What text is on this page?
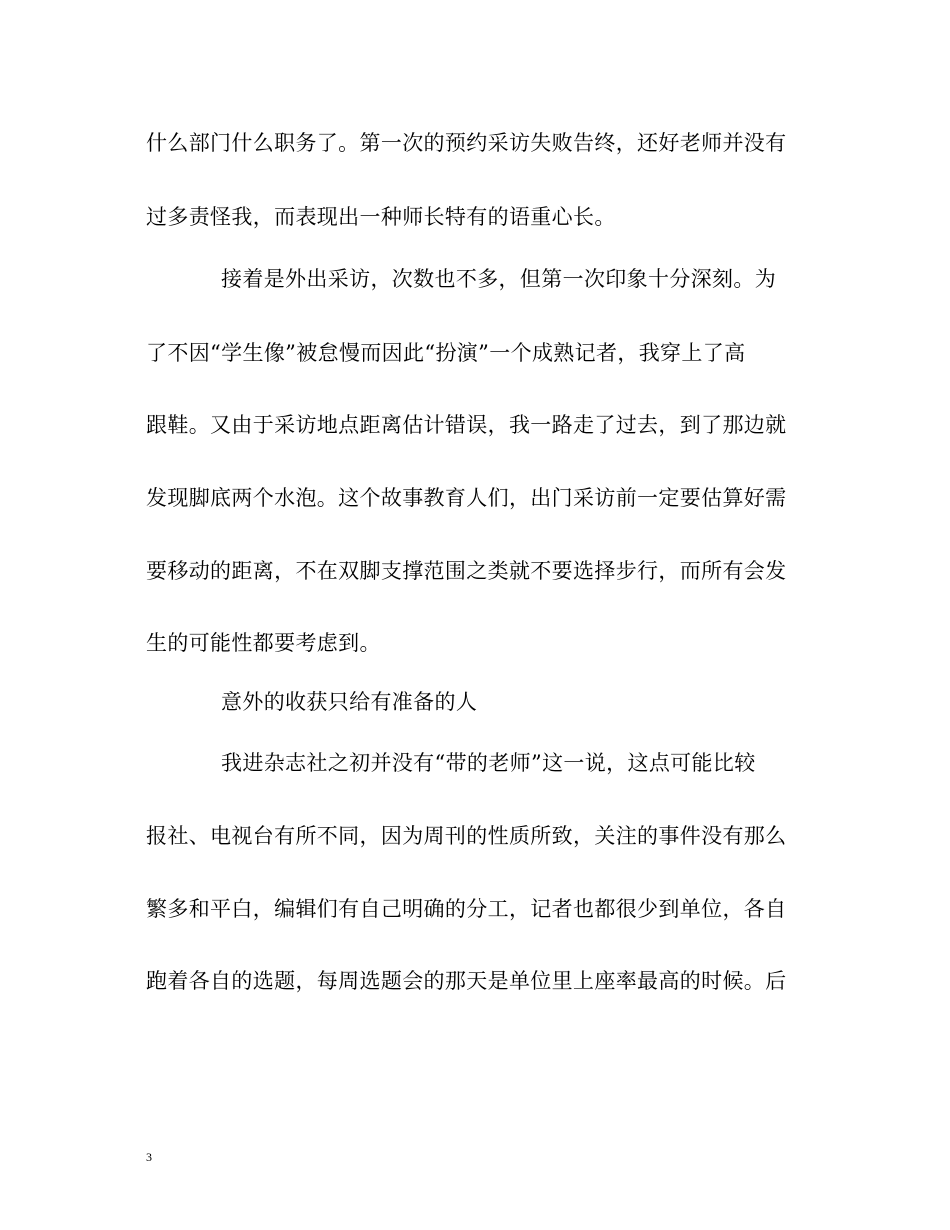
什么部门什么职务了。第一次的预约采访失败告终，还好老师并没有
过多责怪我，而表现出一种师长特有的语重心长。
接着是外出采访，次数也不多，但第一次印象十分深刻。为
了不因“学生像”被怠慢而因此“扮演”一个成熟记者，我穿上了高
跟鞋。又由于采访地点距离估计错误，我一路走了过去，到了那边就
发现脚底两个水泡。这个故事教育人们，出门采访前一定要估算好需
要移动的距离，不在双脚支撑范围之类就不要选择步行，而所有会发
生的可能性都要考虑到。
意外的收获只给有准备的人
我进杂志社之初并没有“带的老师”这一说，这点可能比较
报社、电视台有所不同，因为周刊的性质所致，关注的事件没有那么
繁多和平白，编辑们有自己明确的分工，记者也都很少到单位，各自
跑着各自的选题，每周选题会的那天是单位里上座率最高的时候。后
3
